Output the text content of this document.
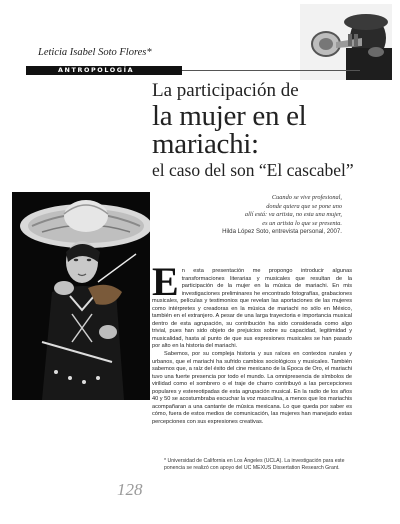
Leticia Isabel Soto Flores*
ANTROPOLOGÍA
La participación de
la mujer en el mariachi:
el caso del son “El cascabel”
Cuando se vive profesional,
donde quiera que se pone uno
allí está: va artista, no esta una mujer,
es un artista lo que se presenta.
Hilda López Soto, entrevista personal, 2007.

En esta presentación me propongo introducir algunas transformaciones literarias y musicales que resultan de la participación de la mujer en la música de mariachi. En mis investigaciones preliminares he encontrado fotografías, grabaciones musicales, películas y testimonios que revelan las aportaciones de las mujeres como intérpretes y creadoras en la música de mariachi no sólo en México, también en el extranjero. A pesar de una larga trayectoria e importancia musical dentro de esta agrupación, su contribución ha sido considerada como algo trivial, pues han sido objeto de prejuicios sobre su capacidad, legitimidad y musicalidad, hasta al punto de que sus expresiones musicales se han pasado por alto en la historia del mariachi.

Sabemos, por su compleja historia y sus raíces en contextos rurales y urbanos, que el mariachi ha sufrido cambios sociológicos y musicales. También sabemos que, a raíz del éxito del cine mexicano de la Época de Oro, el mariachi tuvo una fuerte presencia por todo el mundo. La omnipresencia de símbolos de virilidad como el sombrero o el traje de charro contribuyó a las percepciones populares y estereotipadas de esta agrupación musical. En la radio de los años 40 y 50 se acostumbraba escuchar la voz masculina, a menos que los mariachis acompañaran a una cantante de música mexicana. Lo que queda por saber es cómo, fuera de estos medios de comunicación, las mujeres han manejado estas percepciones con sus expresiones creativas.

* Universidad de California en Los Ángeles (UCLA). La investigación para este ponencia se realizó con apoyo del UC MEXUS Dissertation Research Grant.
128
